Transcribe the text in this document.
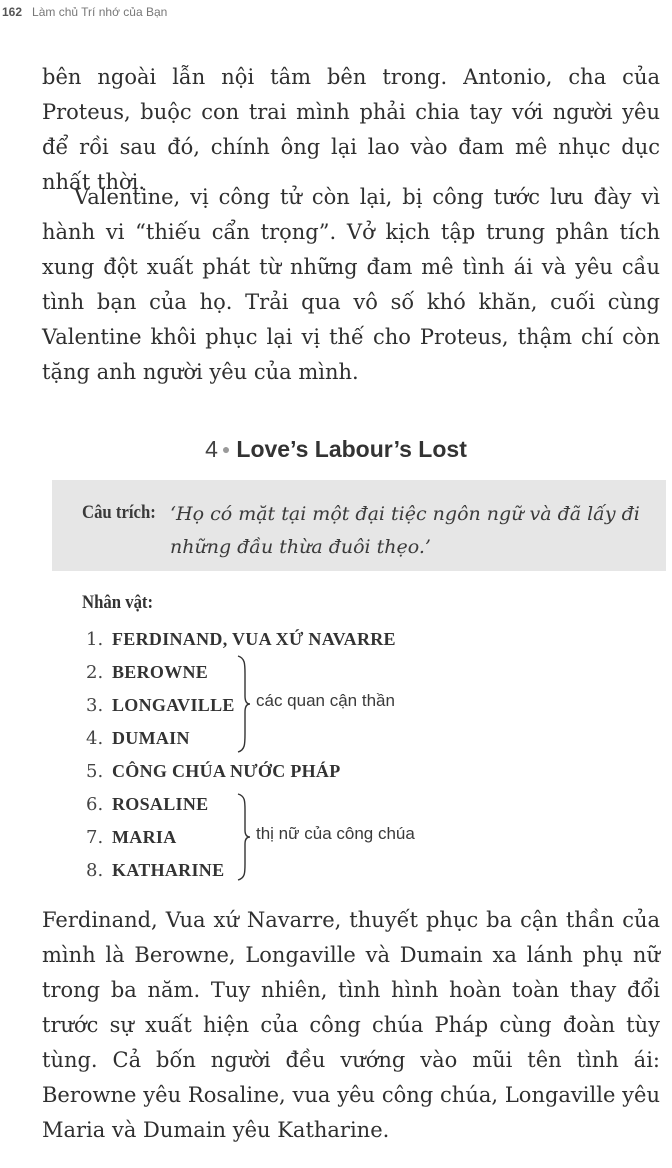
162 Làm chủ Trí nhớ của Bạn

bên ngoài lẫn nội tâm bên trong. Antonio, cha của Proteus, buộc con trai mình phải chia tay với người yêu để rồi sau đó, chính ông lại lao vào đam mê nhục dục nhất thời.

Valentine, vị công tử còn lại, bị công tước lưu đày vì hành vi “thiếu cẩn trọng”. Vở kịch tập trung phân tích xung đột xuất phát từ những đam mê tình ái và yêu cầu tình bạn của họ. Trải qua vô số khó khăn, cuối cùng Valentine khôi phục lại vị thế cho Proteus, thậm chí còn tặng anh người yêu của mình.

4 ● Love’s Labour’s Lost
Câu trích: ‘Họ có mặt tại một đại tiệc ngôn ngữ và đã lấy đi những đầu thừa đuôi thẹo.’
Nhân vật:
1. FERDINAND, VUA XỨ NAVARRE
2. BEROWNE
3. LONGAVILLE
4. DUMAIN
5. CÔNG CHÚA NƯỚC PHÁP
6. ROSALINE
7. MARIA
8. KATHARINE
các quan cận thần
thị nữ của công chúa

Ferdinand, Vua xứ Navarre, thuyết phục ba cận thần của mình là Berowne, Longaville và Dumain xa lánh phụ nữ trong ba năm. Tuy nhiên, tình hình hoàn toàn thay đổi trước sự xuất hiện của công chúa Pháp cùng đoàn tùy tùng. Cả bốn người đều vướng vào mũi tên tình ái: Berowne yêu Rosaline, vua yêu công chúa, Longaville yêu Maria và Dumain yêu Katharine.
